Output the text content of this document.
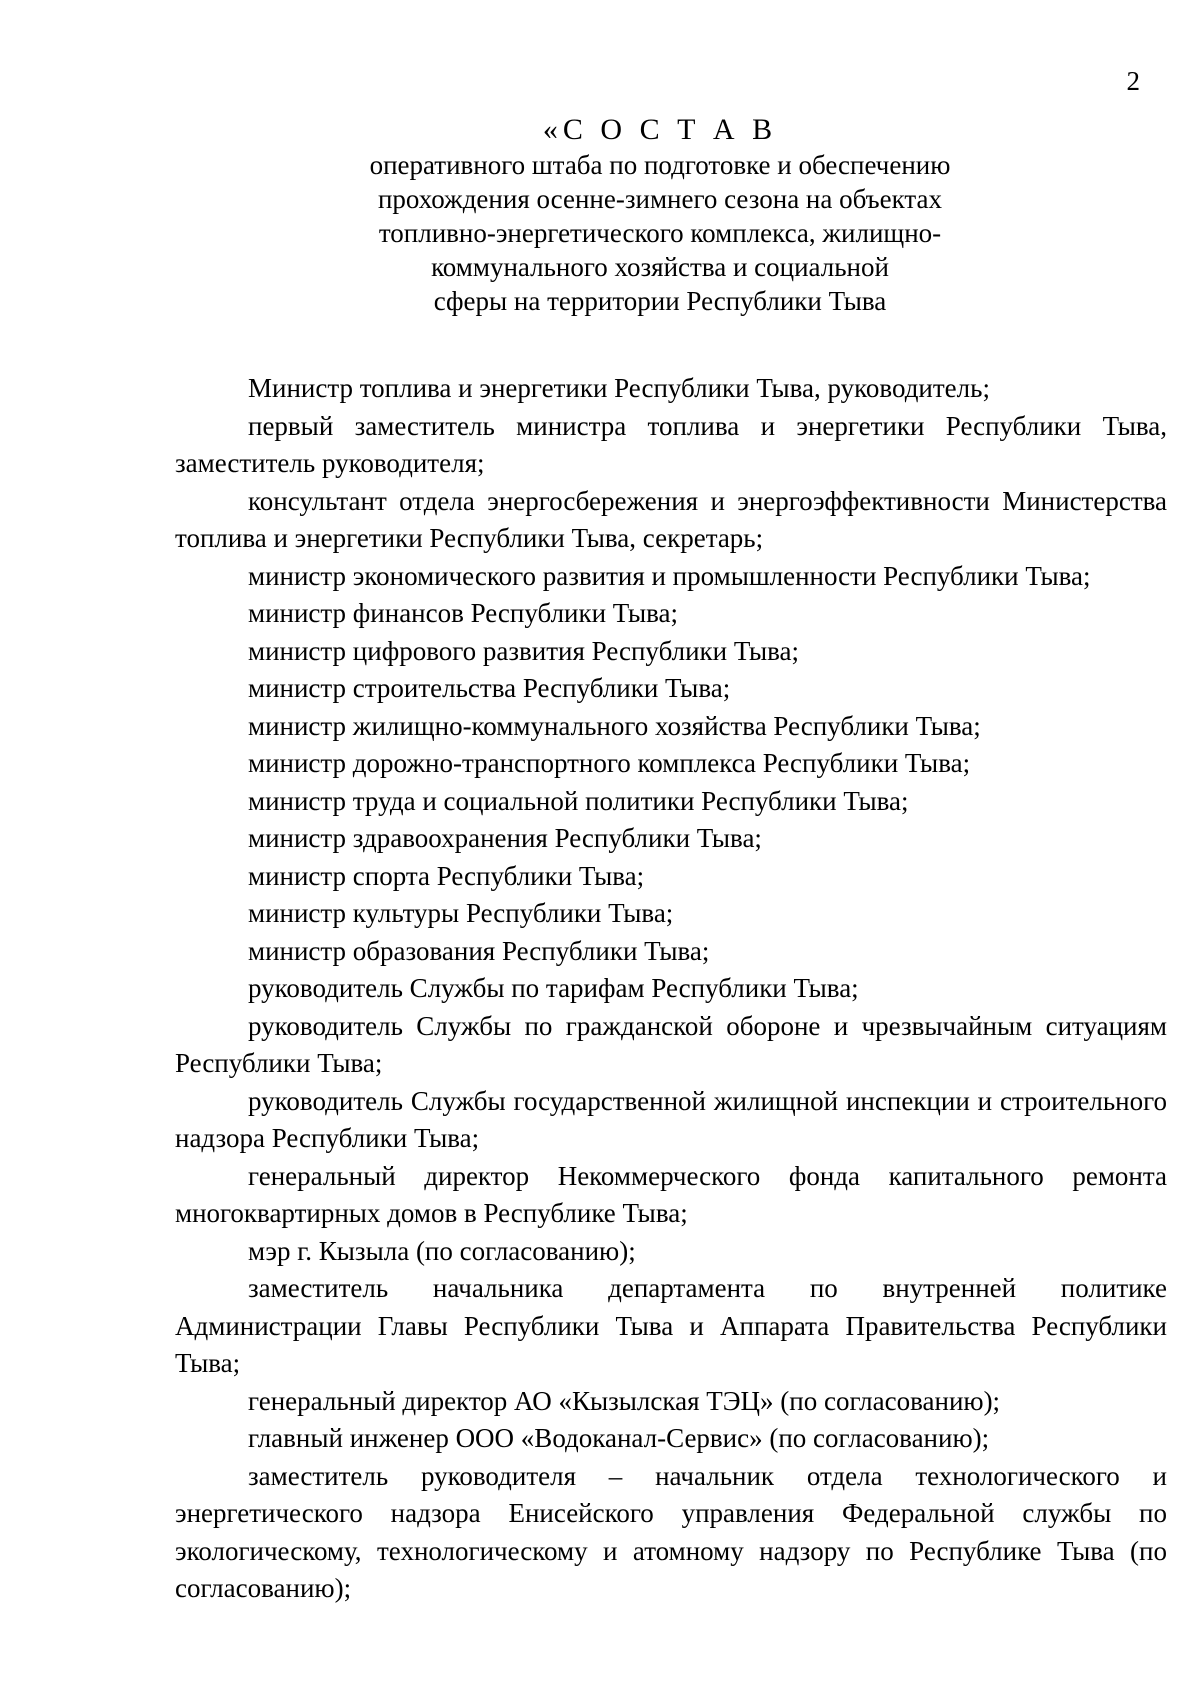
2

«С О С Т А В

оперативного штаба по подготовке и обеспечению
прохождения осенне-зимнего сезона на объектах
топливно-энергетического комплекса, жилищно-
коммунального хозяйства и социальной
сферы на территории Республики Тыва

Министр топлива и энергетики Республики Тыва, руководитель;

первый заместитель министра топлива и энергетики Республики Тыва, заместитель руководителя;

консультант отдела энергосбережения и энергоэффективности Министерства топлива и энергетики Республики Тыва, секретарь;

министр экономического развития и промышленности Республики Тыва;

министр финансов Республики Тыва;

министр цифрового развития Республики Тыва;

министр строительства Республики Тыва;

министр жилищно-коммунального хозяйства Республики Тыва;

министр дорожно-транспортного комплекса Республики Тыва;

министр труда и социальной политики Республики Тыва;

министр здравоохранения Республики Тыва;

министр спорта Республики Тыва;

министр культуры Республики Тыва;

министр образования Республики Тыва;

руководитель Службы по тарифам Республики Тыва;

руководитель Службы по гражданской обороне и чрезвычайным ситуациям Республики Тыва;

руководитель Службы государственной жилищной инспекции и строительного надзора Республики Тыва;

генеральный директор Некоммерческого фонда капитального ремонта многоквартирных домов в Республике Тыва;

мэр г. Кызыла (по согласованию);

заместитель начальника департамента по внутренней политике Администрации Главы Республики Тыва и Аппарата Правительства Республики Тыва;

генеральный директор АО «Кызылская ТЭЦ» (по согласованию);

главный инженер ООО «Водоканал-Сервис» (по согласованию);

заместитель руководителя – начальник отдела технологического и энергетического надзора Енисейского управления Федеральной службы по экологическому, технологическому и атомному надзору по Республике Тыва (по согласованию);
